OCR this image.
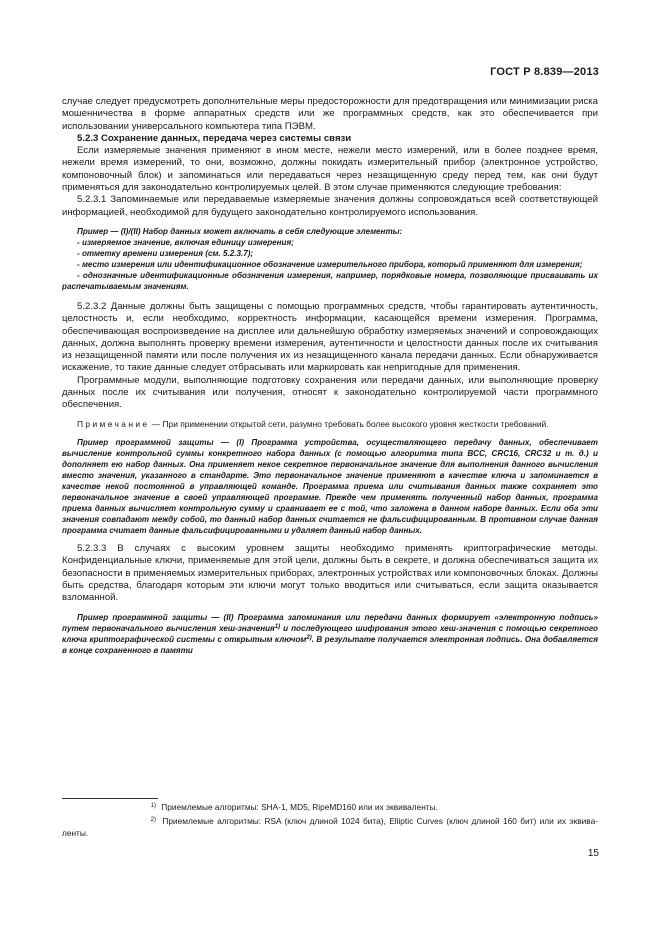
ГОСТ Р 8.839—2013

случае следует предусмотреть дополнительные меры предосторожности для предотвращения или минимизации риска мошенничества в форме аппаратных средств или же программных средств, как это обеспечивается при использовании универсального компьютера типа ПЭВМ.

5.2.3 Сохранение данных, передача через системы связи

Если измеряемые значения применяют в ином месте, нежели место измерений, или в более позднее время, нежели время измерений, то они, возможно, должны покидать измерительный прибор (электронное устройство, компоновочный блок) и запоминаться или передаваться через незащищенную среду перед тем, как они будут применяться для законодательно контролируемых целей. В этом случае применяются следующие требования:

5.2.3.1 Запоминаемые или передаваемые измеряемые значения должны сопровождаться всей соответствующей информацией, необходимой для будущего законодательно контролируемого использования.

Пример — (I)/(II) Набор данных может включать в себя следующие элементы:

- измеряемое значение, включая единицу измерения;

- отметку времени измерения (см. 5.2.3.7);

- место измерения или идентификационное обозначение измерительного прибора, который применяют для измерения;

- однозначные идентификационные обозначения измерения, например, порядковые номера, позволяющие присваивать их распечатываемым значениям.

5.2.3.2 Данные должны быть защищены с помощью программных средств, чтобы гарантировать аутентичность, целостность и, если необходимо, корректность информации, касающейся времени измерения. Программа, обеспечивающая воспроизведение на дисплее или дальнейшую обработку измеряемых значений и сопровождающих данных, должна выполнять проверку времени измерения, аутентичности и целостности данных после их считывания из незащищенной памяти или после получения их из незащищенного канала передачи данных. Если обнаруживается искажение, то такие данные следует отбрасывать или маркировать как непригодные для применения.

Программные модули, выполняющие подготовку сохранения или передачи данных, или выполняющие проверку данных после их считывания или получения, относят к законодательно контролируемой части программного обеспечения.

Примечание — При применении открытой сети, разумно требовать более высокого уровня жесткости требований.

Пример программной защиты — (I) Программа устройства, осуществляющего передачу данных, обеспечивает вычисление контрольной суммы конкретного набора данных (с помощью алгоритма типа BCC, CRC16, CRC32 и т. д.) и дополняет ею набор данных. Она применяет некое секретное первоначальное значение для выполнения данного вычисления вместо значения, указанного в стандарте. Это первоначальное значение применяют в качестве ключа и запоминается в качестве некой постоянной в управляющей команде. Программа приема или считывания данных также сохраняет это первоначальное значение в своей управляющей программе. Прежде чем применять полученный набор данных, программа приема данных вычисляет контрольную сумму и сравнивает ее с той, что заложена в данном наборе данных. Если оба эти значения совпадают между собой, то данный набор данных считается не фальсифицированным. В противном случае данная программа считает данные фальсифицированными и удаляет данный набор данных.

5.2.3.3 В случаях с высоким уровнем защиты необходимо применять криптографические методы. Конфиденциальные ключи, применяемые для этой цели, должны быть в секрете, и должна обеспечиваться защита их безопасности в применяемых измерительных приборах, электронных устройствах или компоновочных блоках. Должны быть средства, благодаря которым эти ключи могут только вводиться или считываться, если защита оказывается взломанной.

Пример программной защиты — (II) Программа запоминания или передачи данных формирует «электронную подпись» путем первоначального вычисления хеш-значения$^{1)}$ и последующего шифрования этого хеш-значения с помощью секретного ключа криптографической системы с открытым ключом$^{2)}$. В результате получается электронная подпись. Она добавляется в конце сохраненного в памяти

$^{1)}$ Приемлемые алгоритмы: SHA-1, MD5, RipeMD160 или их эквиваленты.
$^{2)}$ Приемлемые алгоритмы: RSA (ключ длиной 1024 бита), Elliptic Curves (ключ длиной 160 бит) или их эквиваленты.
15
